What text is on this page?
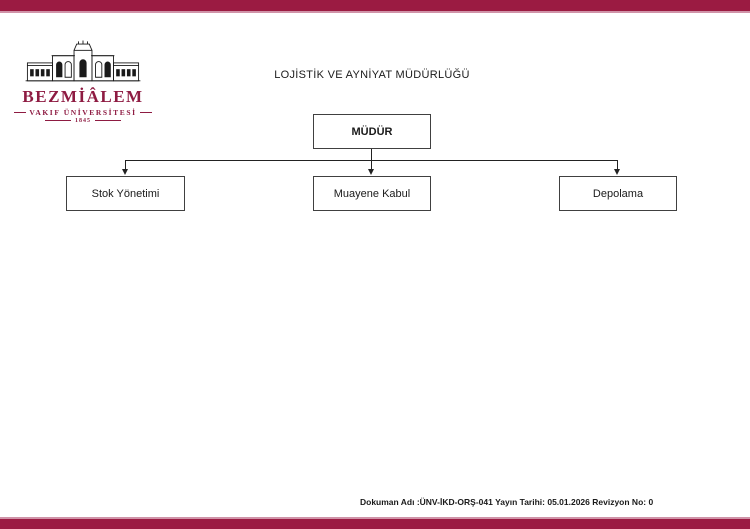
BEZMİÂLEM
VAKIF ÜNİVERSİTESİ
1845
LOJİSTİK VE AYNİYAT MÜDÜRLÜĞÜ
MÜDÜR
Stok Yönetimi	Muayene Kabul	Depolama
Dokuman Adı :ÜNV-İKD-ORŞ-041 Yayın Tarihi: 05.01.2026 Revizyon No: 0
